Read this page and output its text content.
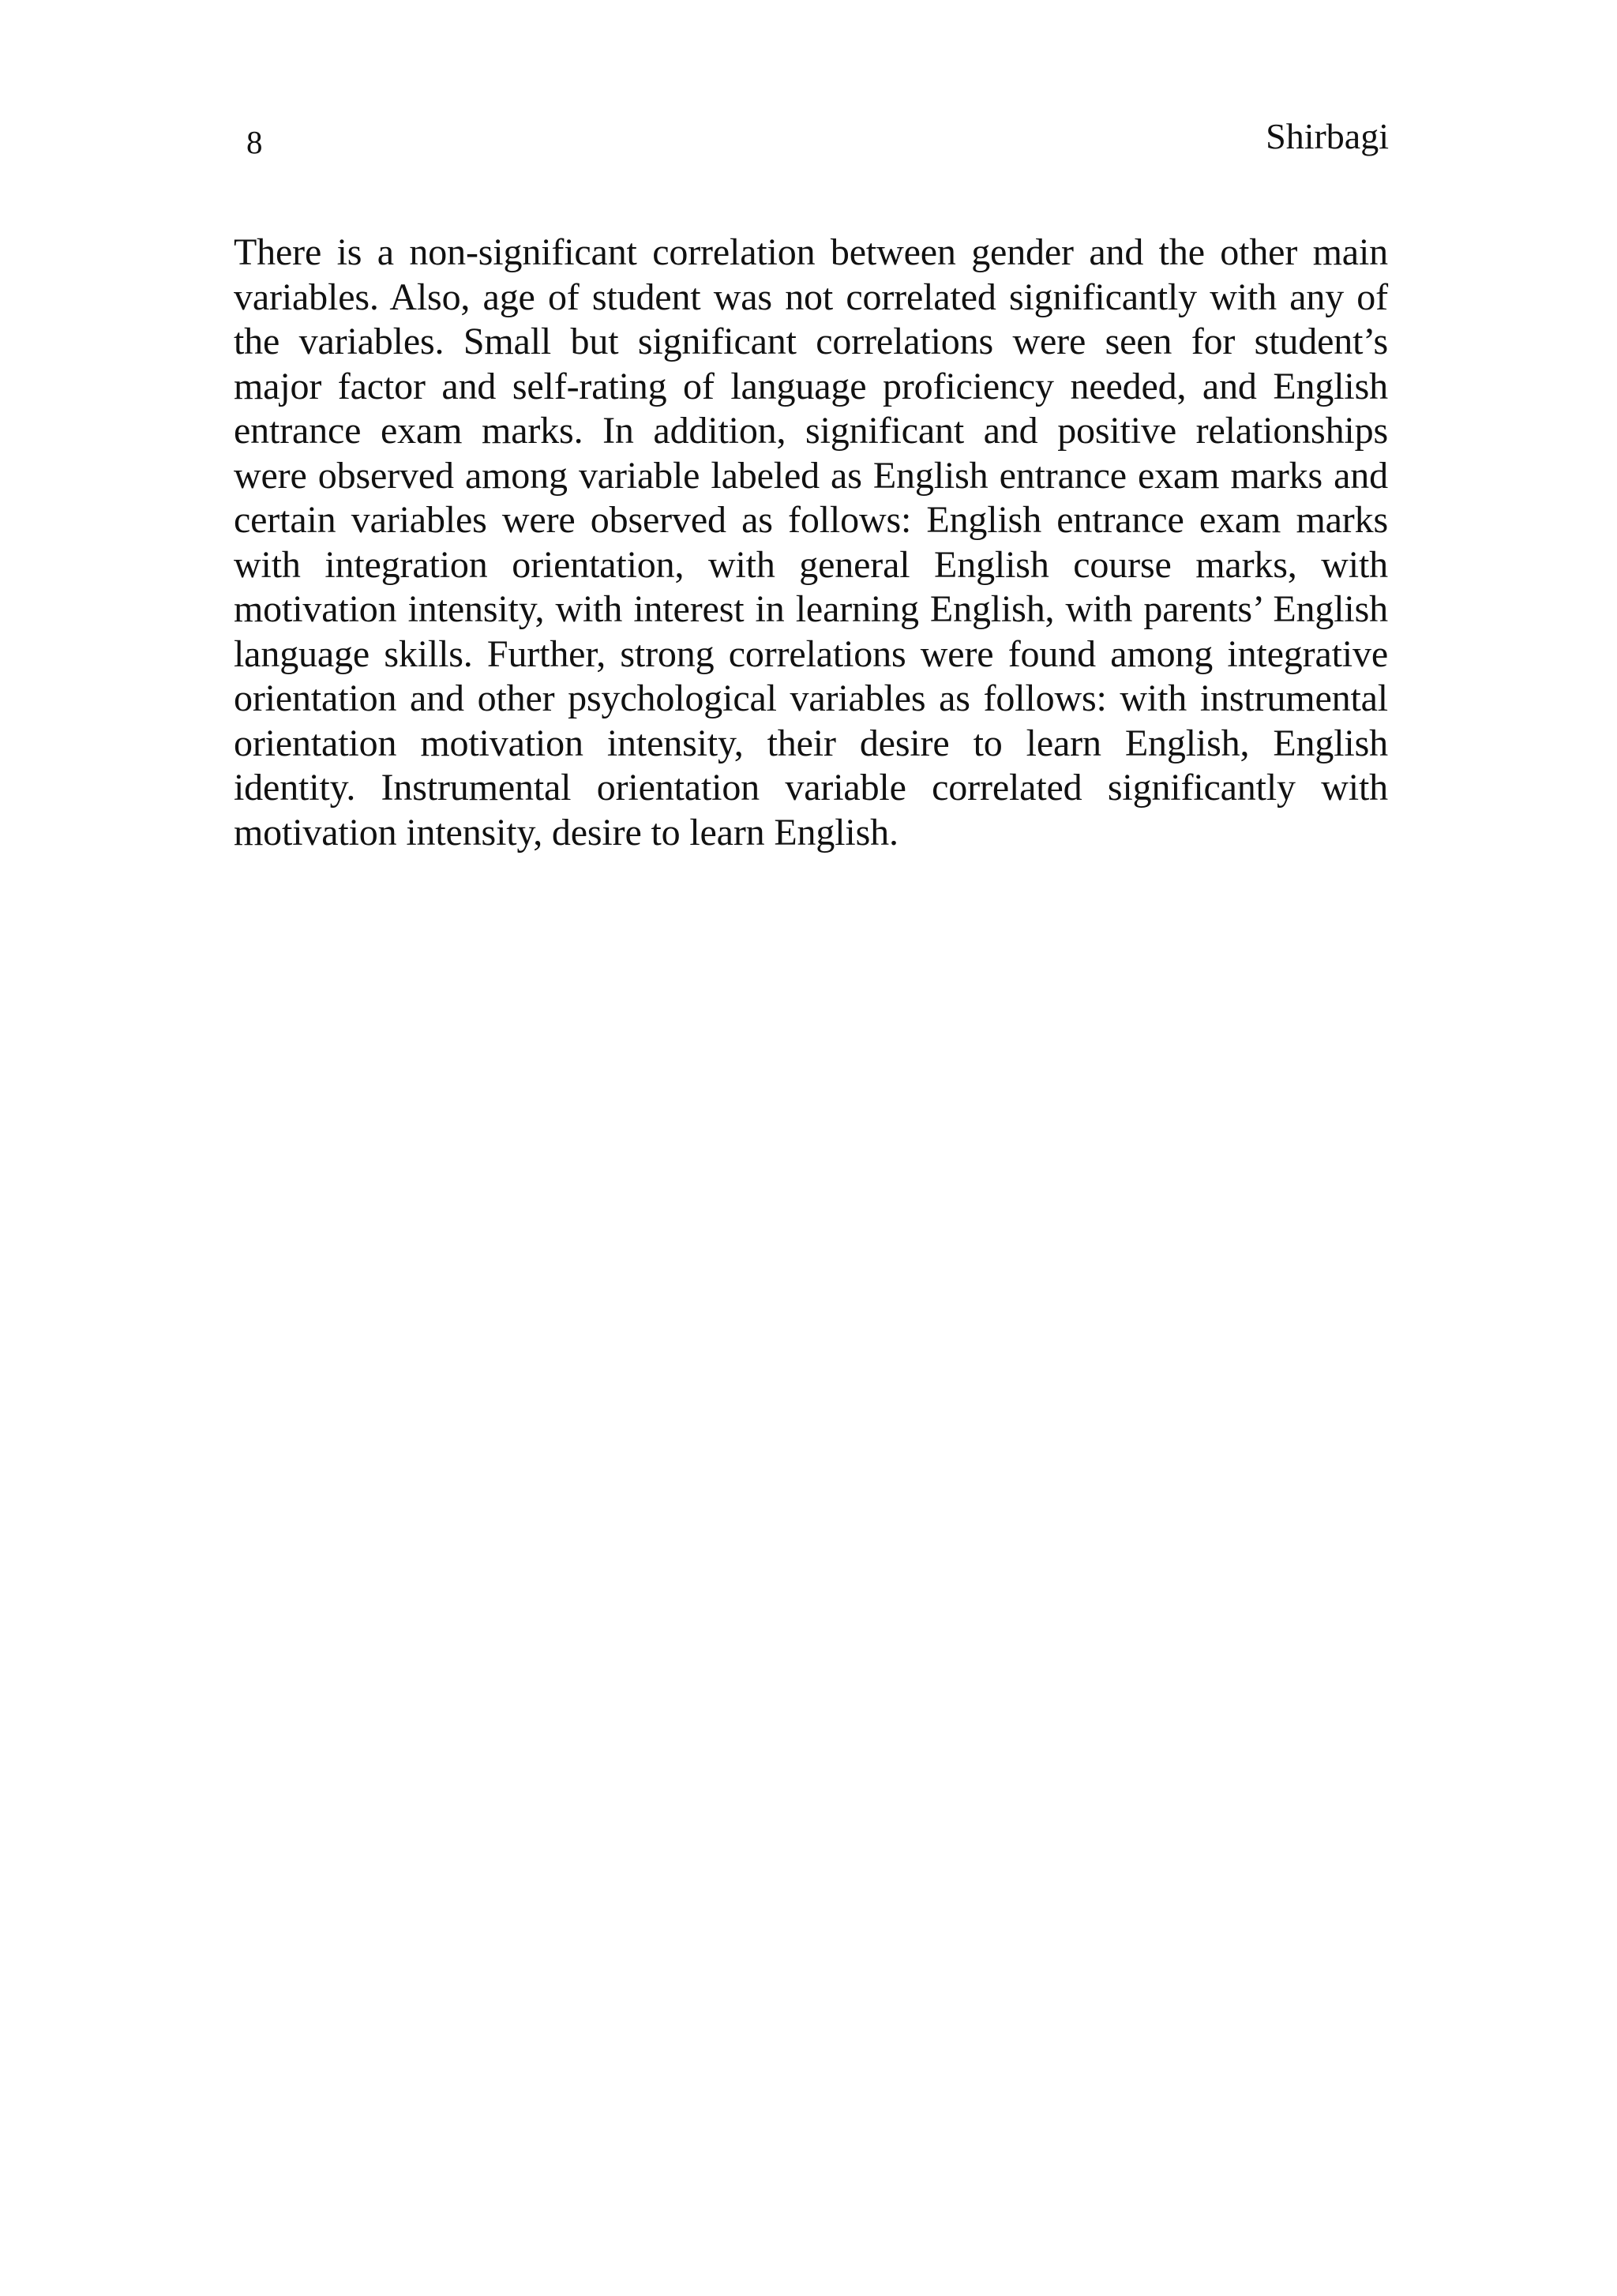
8	Shirbagi

There is a non-significant correlation between gender and the other main variables. Also, age of student was not correlated significantly with any of the variables. Small but significant correlations were seen for student’s major factor and self-rating of language proficiency needed, and English entrance exam marks. In addition, significant and positive relationships were observed among variable labeled as English entrance exam marks and certain variables were observed as follows: English entrance exam marks with integration orientation, with general English course marks, with motivation intensity, with interest in learning English, with parents’ English language skills. Further, strong correlations were found among integrative orientation and other psychological variables as follows: with instrumental orientation motivation intensity, their desire to learn English, English identity. Instrumental orientation variable correlated significantly with motivation intensity, desire to learn English.
